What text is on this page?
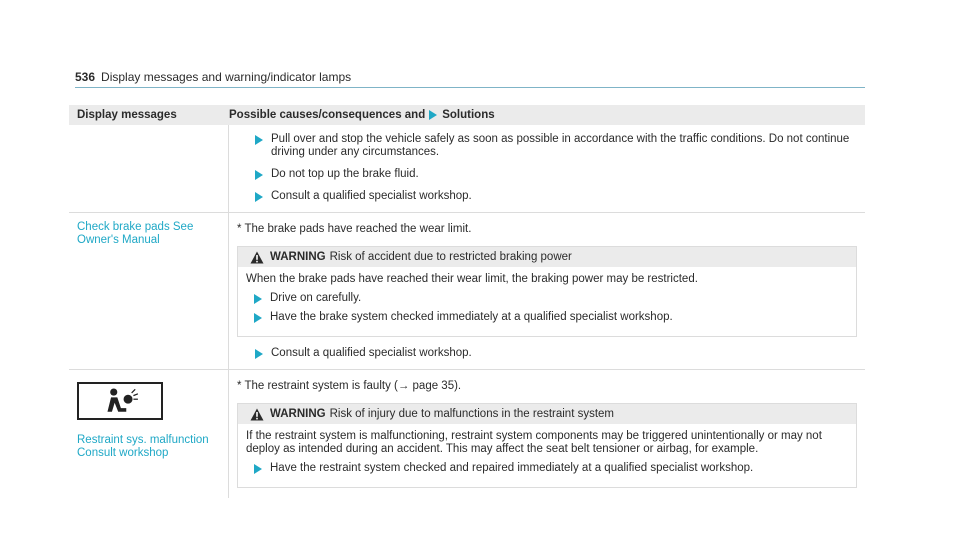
536 Display messages and warning/indicator lamps
Display messages	Possible causes/consequences and Solutions
Pull over and stop the vehicle safely as soon as possible in accordance with the traffic conditions. Do not continue driving under any circumstances.
Do not top up the brake fluid.
Consult a qualified specialist workshop.
Check brake pads See
Owner's Manual
* The brake pads have reached the wear limit.
WARNING Risk of accident due to restricted braking power
When the brake pads have reached their wear limit, the braking power may be restricted.
Drive on carefully.
Have the brake system checked immediately at a qualified specialist workshop.
Consult a qualified specialist workshop.
Restraint sys. malfunction
Consult workshop
* The restraint system is faulty (→ page 35).
WARNING Risk of injury due to malfunctions in the restraint system
If the restraint system is malfunctioning, restraint system components may be triggered unintentionally or may not deploy as intended during an accident. This may affect the seat belt tensioner or airbag, for example.
Have the restraint system checked and repaired immediately at a qualified specialist workshop.
